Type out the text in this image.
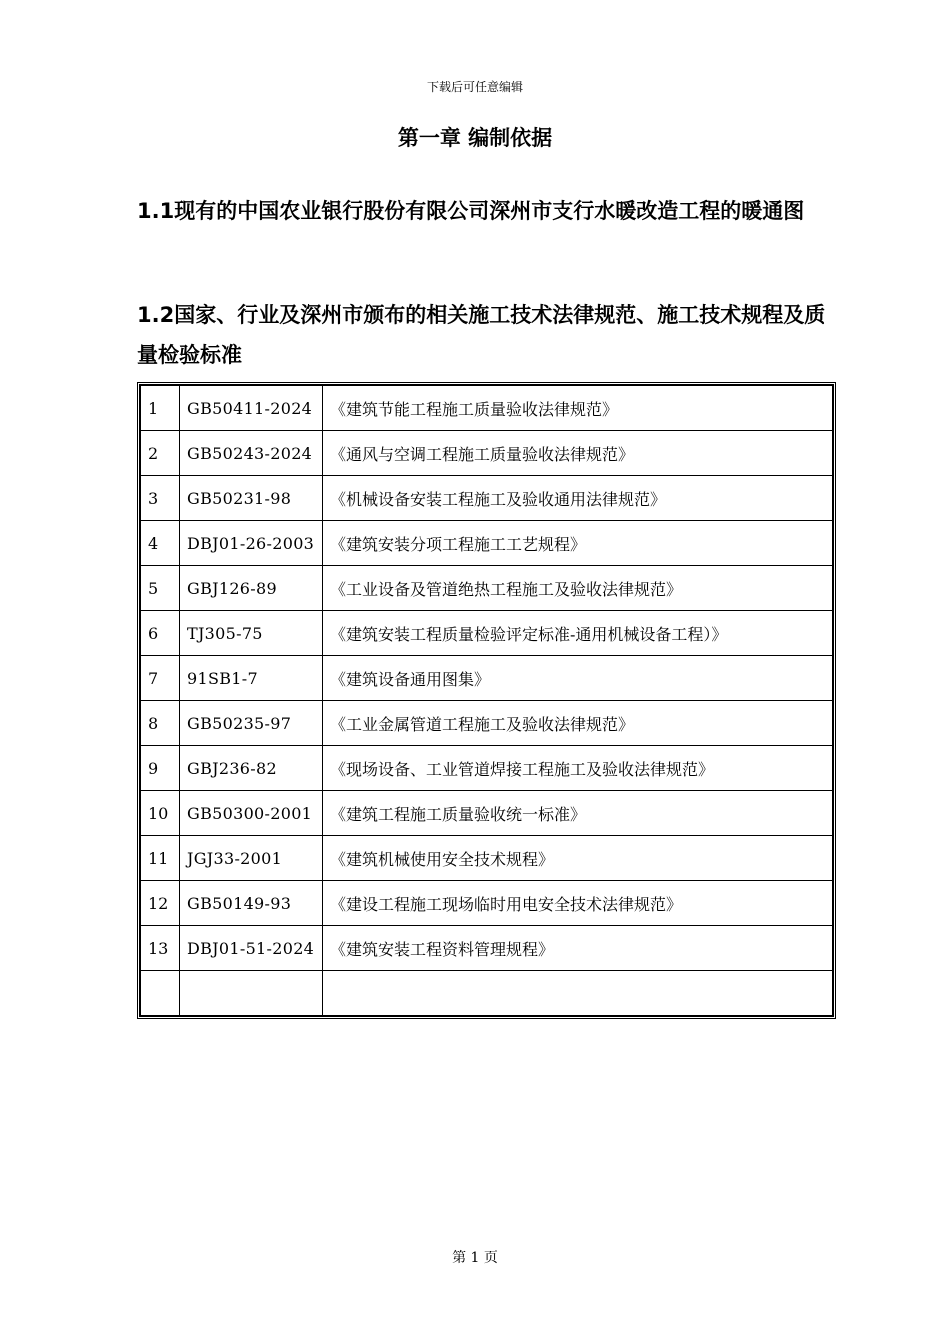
下载后可任意编辑
第一章 编制依据
1.1现有的中国农业银行股份有限公司深州市支行水暖改造工程的暖通图
1.2国家、行业及深州市颁布的相关施工技术法律规范、施工技术规程及质量检验标准
1	GB50411-2024	《建筑节能工程施工质量验收法律规范》
2	GB50243-2024	《通风与空调工程施工质量验收法律规范》
3	GB50231-98	《机械设备安装工程施工及验收通用法律规范》
4	DBJ01-26-2003	《建筑安装分项工程施工工艺规程》
5	GBJ126-89	《工业设备及管道绝热工程施工及验收法律规范》
6	TJ305-75	《建筑安装工程质量检验评定标准-通用机械设备工程）》
7	91SB1-7	《建筑设备通用图集》
8	GB50235-97	《工业金属管道工程施工及验收法律规范》
9	GBJ236-82	《现场设备、工业管道焊接工程施工及验收法律规范》
10	GB50300-2001	《建筑工程施工质量验收统一标准》
11	JGJ33-2001	《建筑机械使用安全技术规程》
12	GB50149-93	《建设工程施工现场临时用电安全技术法律规范》
13	DBJ01-51-2024	《建筑安装工程资料管理规程》

第 1 页
